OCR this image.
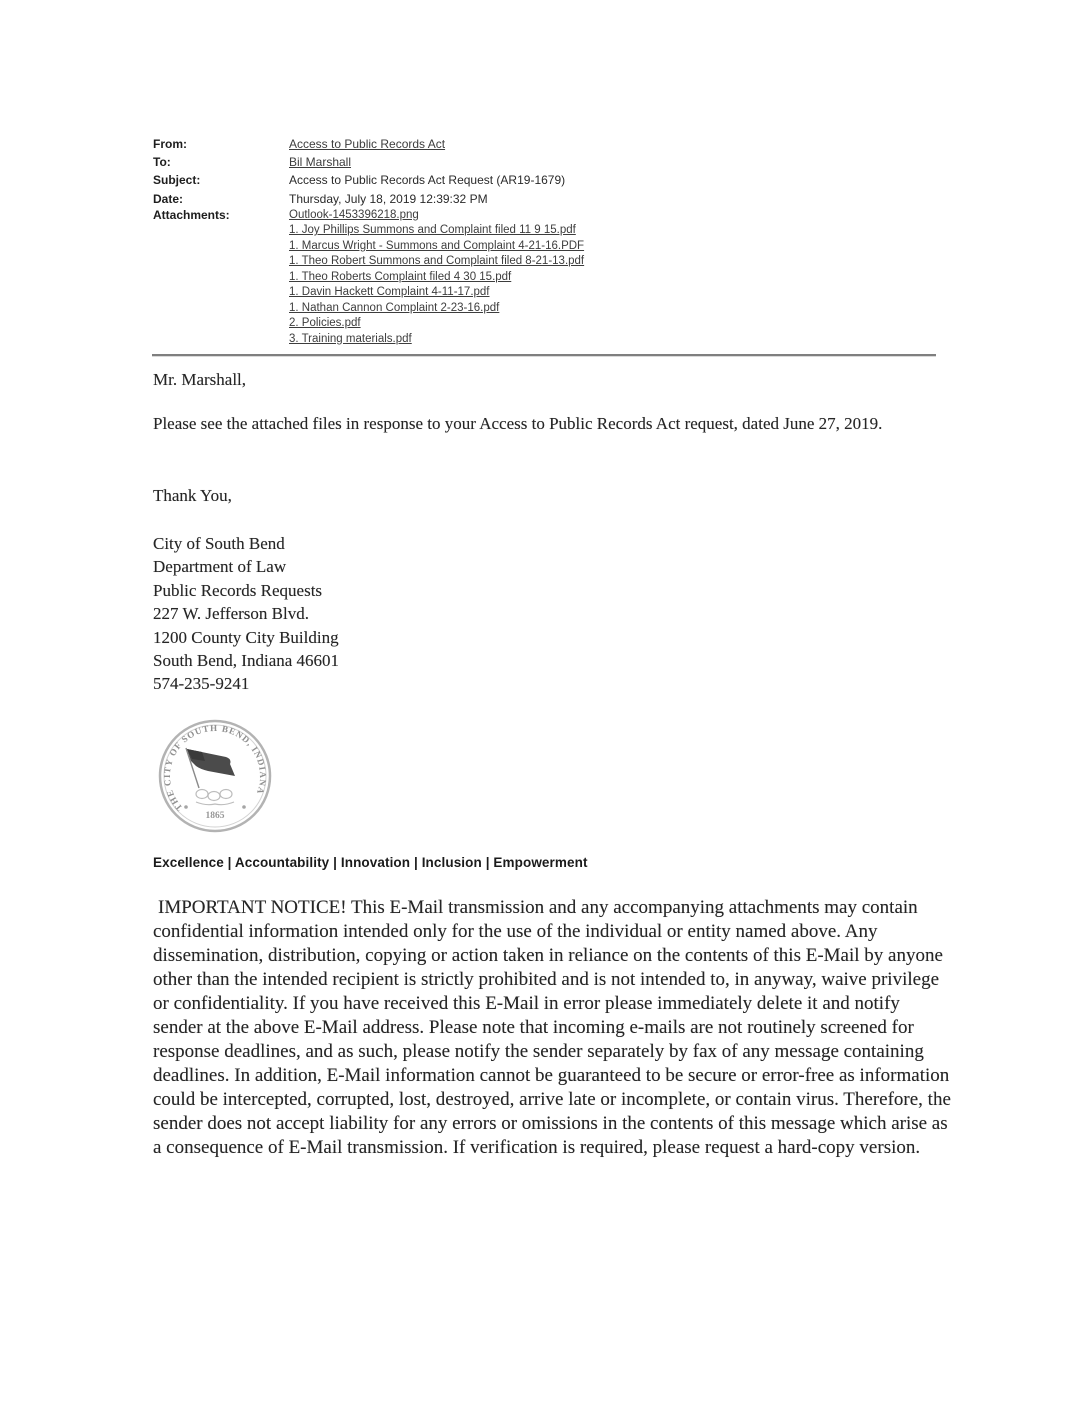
From:	Access to Public Records Act
To:	Bil Marshall
Subject:	Access to Public Records Act Request (AR19-1679)
Date:	Thursday, July 18, 2019 12:39:32 PM
Attachments:	Outlook-1453396218.png
1. Joy Phillips Summons and Complaint filed 11 9 15.pdf
1. Marcus Wright - Summons and Complaint 4-21-16.PDF
1. Theo Robert Summons and Complaint filed 8-21-13.pdf
1. Theo Roberts Complaint filed 4 30 15.pdf
1. Davin Hackett Complaint 4-11-17.pdf
1. Nathan Cannon Complaint 2-23-16.pdf
2. Policies.pdf
3. Training materials.pdf

Mr. Marshall,

Please see the attached files in response to your Access to Public Records Act request, dated June 27, 2019.

Thank You,

City of South Bend
Department of Law
Public Records Requests
227 W. Jefferson Blvd.
1200 County City Building
South Bend, Indiana 46601
574-235-9241
THE CITY OF SOUTH BEND, INDIANA
1865
Excellence | Accountability | Innovation | Inclusion | Empowerment

IMPORTANT NOTICE! This E-Mail transmission and any accompanying attachments may contain confidential information intended only for the use of the individual or entity named above. Any dissemination, distribution, copying or action taken in reliance on the contents of this E-Mail by anyone other than the intended recipient is strictly prohibited and is not intended to, in anyway, waive privilege or confidentiality. If you have received this E-Mail in error please immediately delete it and notify sender at the above E-Mail address. Please note that incoming e-mails are not routinely screened for response deadlines, and as such, please notify the sender separately by fax of any message containing deadlines. In addition, E-Mail information cannot be guaranteed to be secure or error-free as information could be intercepted, corrupted, lost, destroyed, arrive late or incomplete, or contain virus. Therefore, the sender does not accept liability for any errors or omissions in the contents of this message which arise as a consequence of E-Mail transmission. If verification is required, please request a hard-copy version.
